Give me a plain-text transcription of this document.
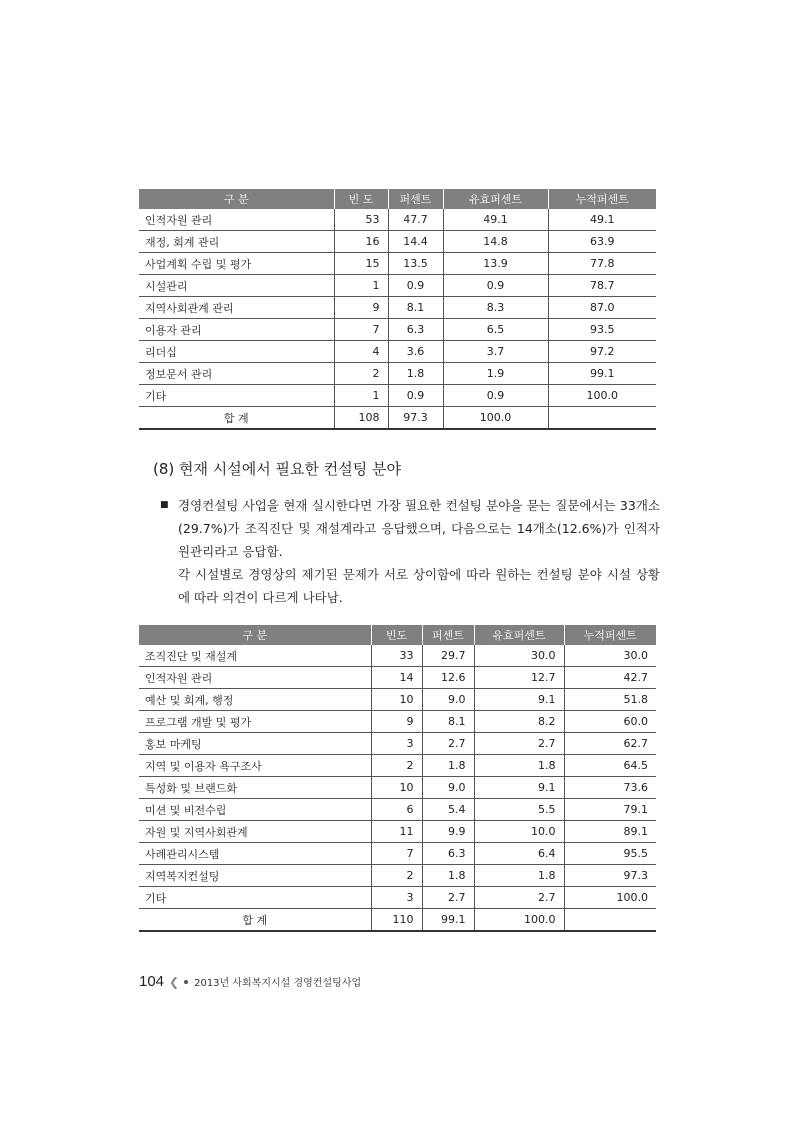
구 분	빈 도	퍼센트	유효퍼센트	누적퍼센트
인적자원 관리	53	47.7	49.1	49.1
재정, 회계 관리	16	14.4	14.8	63.9
사업계획 수립 및 평가	15	13.5	13.9	77.8
시설관리	1	0.9	0.9	78.7
지역사회관계 관리	9	8.1	8.3	87.0
이용자 관리	7	6.3	6.5	93.5
리더십	4	3.6	3.7	97.2
정보문서 관리	2	1.8	1.9	99.1
기타	1	0.9	0.9	100.0
합 계	108	97.3	100.0	
(8) 현재 시설에서 필요한 컨설팅 분야
■ 경영컨설팅 사업을 현재 실시한다면 가장 필요한 컨설팅 분야을 묻는 질문에서는 33개소(29.7%)가 조직진단 및 재설계라고 응답했으며, 다음으로는 14개소(12.6%)가 인적자원관리라고 응답함.

각 시설별로 경영상의 제기된 문제가 서로 상이함에 따라 원하는 컨설팅 분야 시설 상황에 따라 의견이 다르게 나타남.

구 분	빈도	퍼센트	유효퍼센트	누적퍼센트
조직진단 및 재설계	33	29.7	30.0	30.0
인적자원 관리	14	12.6	12.7	42.7
예산 및 회계, 행정	10	9.0	9.1	51.8
프로그램 개발 및 평가	9	8.1	8.2	60.0
홍보 마케팅	3	2.7	2.7	62.7
지역 및 이용자 욕구조사	2	1.8	1.8	64.5
특성화 및 브랜드화	10	9.0	9.1	73.6
미션 및 비전수립	6	5.4	5.5	79.1
자원 및 지역사회관계	11	9.9	10.0	89.1
사례관리시스템	7	6.3	6.4	95.5
지역복지컨설팅	2	1.8	1.8	97.3
기타	3	2.7	2.7	100.0
합 계	110	99.1	100.0	
104 ❮ 2013년 사회복지시설 경영컨설팅사업
